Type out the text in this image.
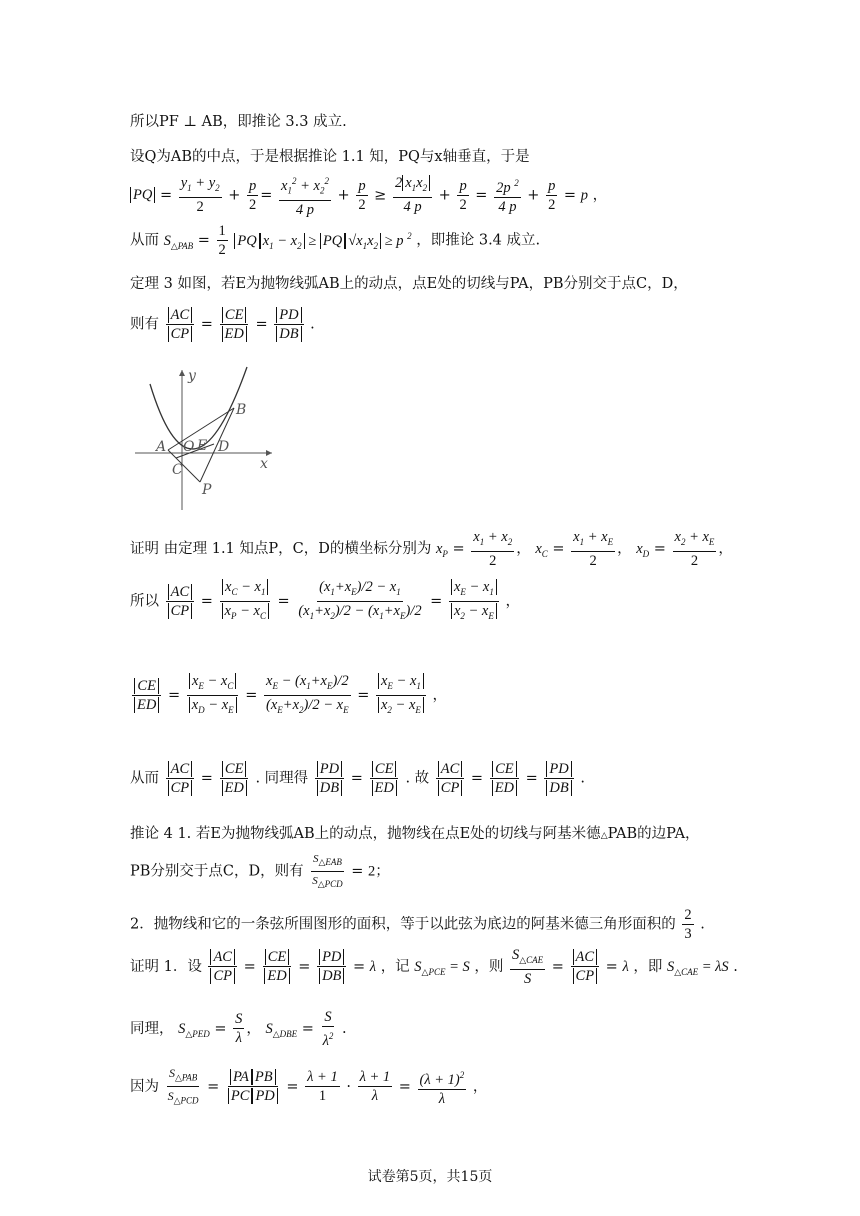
所以PF ⊥ AB，即推论 3.3 成立.
设Q为AB的中点，于是根据推论 1.1 知，PQ与x轴垂直，于是
PQ = $\frac{y_1 + y_2}{2} + \frac{p}{2} = \frac{x_1^2 + x_2^2}{4 p} + \frac{p}{2} \ge \frac{2 x_1x_2}{4 p} + \frac{p}{2} = \frac{2p ^2}{4 p} + \frac{p}{2} = p$ ，
从而 $S_{\triangle PAB} = \frac{1}{2}$ PQ $x_1 - x_2$ ≥ PQ $√x_1x_2 \ge p$ $^2$ ，即推论 3.4 成立.
定理 3 如图，若E为抛物线弧AB上的动点，点E处的切线与PA，PB分别交于点C，D，
则有 $\frac{AC}{CP} = \frac{CE}{ED} = \frac{PD}{DB}$ .
y
B
A O E D
x
C
P
证明 由定理 1.1 知点P，C，D的横坐标分别为 $x_P = \frac{x_1 + x_2}{2}$ ， $x_C = \frac{x_1 + x_E}{2}$ ， $x_D = \frac{x_2 + x_E}{2}$ ，
所以 $\frac{AC}{CP} = \frac{x_C - x_1}{x_P - x_C} = \frac{(x_1+x_E)/2 - x_1}{(x_1+x_2)/2 - (x_1+x_E)/2} = \frac{x_E - x_1}{x_2 - x_E}$ ，
$\frac{CE}{ED} = \frac{x_E - x_C}{x_D - x_E} = \frac{x_E - (x_1+x_E)/2}{(x_E+x_2)/2 - x_E} = \frac{x_E - x_1}{x_2 - x_E}$ ，
从而 $\frac{AC}{CP} = \frac{CE}{ED}$ . 同理得 $\frac{PD}{DB} = \frac{CE}{ED}$ . 故 $\frac{AC}{CP} = \frac{CE}{ED} = \frac{PD}{DB}$ .
推论 4 1. 若E为抛物线弧AB上的动点，抛物线在点E处的切线与阿基米德△PAB的边PA，
PB分别交于点C，D，则有 $\frac{S_{\triangle EAB}}{S_{\triangle PCD}} = 2$；
2．抛物线和它的一条弦所围图形的面积，等于以此弦为底边的阿基米德三角形面积的 $\frac{2}{3}$ .
证明 1．设 $\frac{AC}{CP} = \frac{CE}{ED} = \frac{PD}{DB} = \lambda$ ，记 $S_{\triangle PCE} = S$ ，则 $\frac{S_{\triangle CAE}}{S} = \frac{AC}{CP} = \lambda$ ，即 $S_{\triangle CAE} = \lambda S$ .
同理， $S_{\triangle PED} = \frac{S}{\lambda}$ ， $S_{\triangle DBE} = \frac{S}{\lambda^2}$ .
因为 $\frac{S_{\triangle PAB}}{S_{\triangle PCD}} = \frac{\text{PA PB}}{\text{PC PD}} = \frac{\lambda + 1}{1} \cdot \frac{\lambda + 1}{\lambda} = \frac{(\lambda + 1)^2}{\lambda}$ ，
试卷第5页，共15页
